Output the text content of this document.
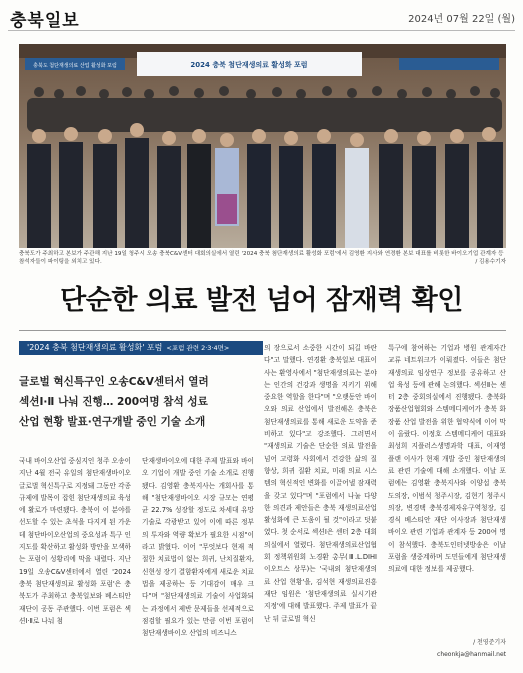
충북일보	2024년 07월 22일 (월)
충북도 첨단재생의료 산업 활성화 포럼	2024 충북 첨단재생의료 활성화 포럼
충북도가 주최하고 본보가 주관해 지난 19일 청주시 오송 충북C&V센터 대회의실에서 열린 '2024 충북 첨단재생의료 활성화 포럼'에서 김영환 지사와 연경환 본보 대표를 비롯한 바이오기업 관계자 등 참석자들이 파이팅을 외치고 있다.	/ 김용수기자
단순한 의료 발전 넘어 잠재력 확인
'2024 충북 첨단재생의료 활성화' 포럼 <포럼 관련 2·3·4면>
글로벌 혁신특구인 오송C&V센터서 열려
섹션Ⅰ·Ⅱ 나눠 진행… 200여명 참석 성료
산업 현황 발표·연구개발 중인 기술 소개
국내 바이오산업 중심지인 청주 오송이 지난 4월 전국 유일의 첨단재생바이오 글로벌 혁신특구로 지정돼 그동안 각종 규제에 발목이 잡힌 첨단재생의료 육성에 활로가 마련됐다. 충북이 이 분야를 선도할 수 있는 초석을 다지게 된 가운데 첨단바이오산업의 중요성과 특구 인지도를 확산하고 활성화 방안을 모색하는 포럼이 성황리에 막을 내렸다. 지난 19일 오송C&V센터에서 열린 '2024 충북 첨단재생의료 활성화 포럼'은 충북도가 주최하고 충북일보와 베스티안 재단이 공동 주관했다. 이번 포럼은 섹션Ⅰ·Ⅱ로 나눠 첨
단재생바이오에 대한 주제 발표와 바이오 기업이 개발 중인 기술 소개로 진행됐다. 김영환 충북지사는 개회사를 통해 "첨단재생바이오 시장 규모는 연평균 22.7% 성장할 정도로 차세대 유망기술로 각광받고 있어 이에 따른 정부의 투자와 역량 확보가 필요한 시점"이라고 밝혔다. 이어 "무엇보다 현재 적절한 치료법이 없는 희귀, 난치질환자, 신현성 장기 결함환자에게 새로운 치료법을 제공하는 등 기대감이 매우 크다"며 "첨단재생의료 기술이 사업화되는 과정에서 제반 문제들을 선제적으로 점검할 필요가 있는 만큼 이번 포럼이 첨단재생바이오 산업의 비즈니스
의 장으로서 소중한 시간이 되길 바란다"고 말했다. 연경환 충북일보 대표이사는 환영사에서 "첨단재생의료는 분야는 인간의 건강과 생명을 지키기 위해 중요한 역할을 한다"며 "오랫동안 바이오와 의료 산업에서 발전해온 충북은 첨단재생의료를 통해 새로운 도약을 준비하고 있다"고 강조했다. 그러면서 "재생의료 기술은 단순한 의료 발전을 넘어 고령화 사회에서 건강한 삶의 질 향상, 희귀 질환 치료, 미래 의료 시스템의 혁신적인 변화를 이끌어낼 잠재력을 갖고 있다"며 "포럼에서 나눌 다양한 의견과 제안들은 충북 재생의료산업 활성화에 큰 도움이 될 것"이라고 덧붙였다. 첫 순서로 섹션Ⅰ은 센터 2층 대회의실에서 열렸다. 첨단재생의료산업협회 정책위원회 노경환 총무(Ⅲ.L.DIHI이오트스 상무)는 '국내외 첨단재생의료 산업 현황'을, 김석현 재생의료진흥재단 임원은 '첨단재생의료 실시기관 지정'에 대해 발표했다. 주제 발표가 끝난 뒤 글로벌 혁신
특구에 참여하는 기업과 병원 관계자간 교류 네트워크가 이뤄졌다. 이들은 첨단재생의료 임상연구 정보를 공유하고 산업 육성 등에 관해 논의했다. 섹션Ⅱ는 센터 2층 중회의실에서 진행됐다. 충북화장품산업협회와 스템메디케어가 충북 화장품 산업 발전을 위한 협약식에 이어 막이 올랐다. 이정호 스템메디케어 대표와 최성희 지플러스생명과학 대표, 이재영 플랜 이사가 현재 개발 중인 첨단재생의료 관련 기술에 대해 소개했다. 이날 포럼에는 김영환 충북지사와 이양섭 충북도의장, 이범석 청주시장, 김현기 청주시의장, 변경택 충북경제자유구역청장, 김경식 베스티안 재단 이사장과 첨단재생바이오 관련 기업과 관계자 등 200여 명이 참석했다. 충북도인터넷방송은 이날 포럼을 생중계하며 도민들에게 첨단재생의료에 대한 정보를 제공했다.
/ 천영준기자
cheonkja@hanmail.net
